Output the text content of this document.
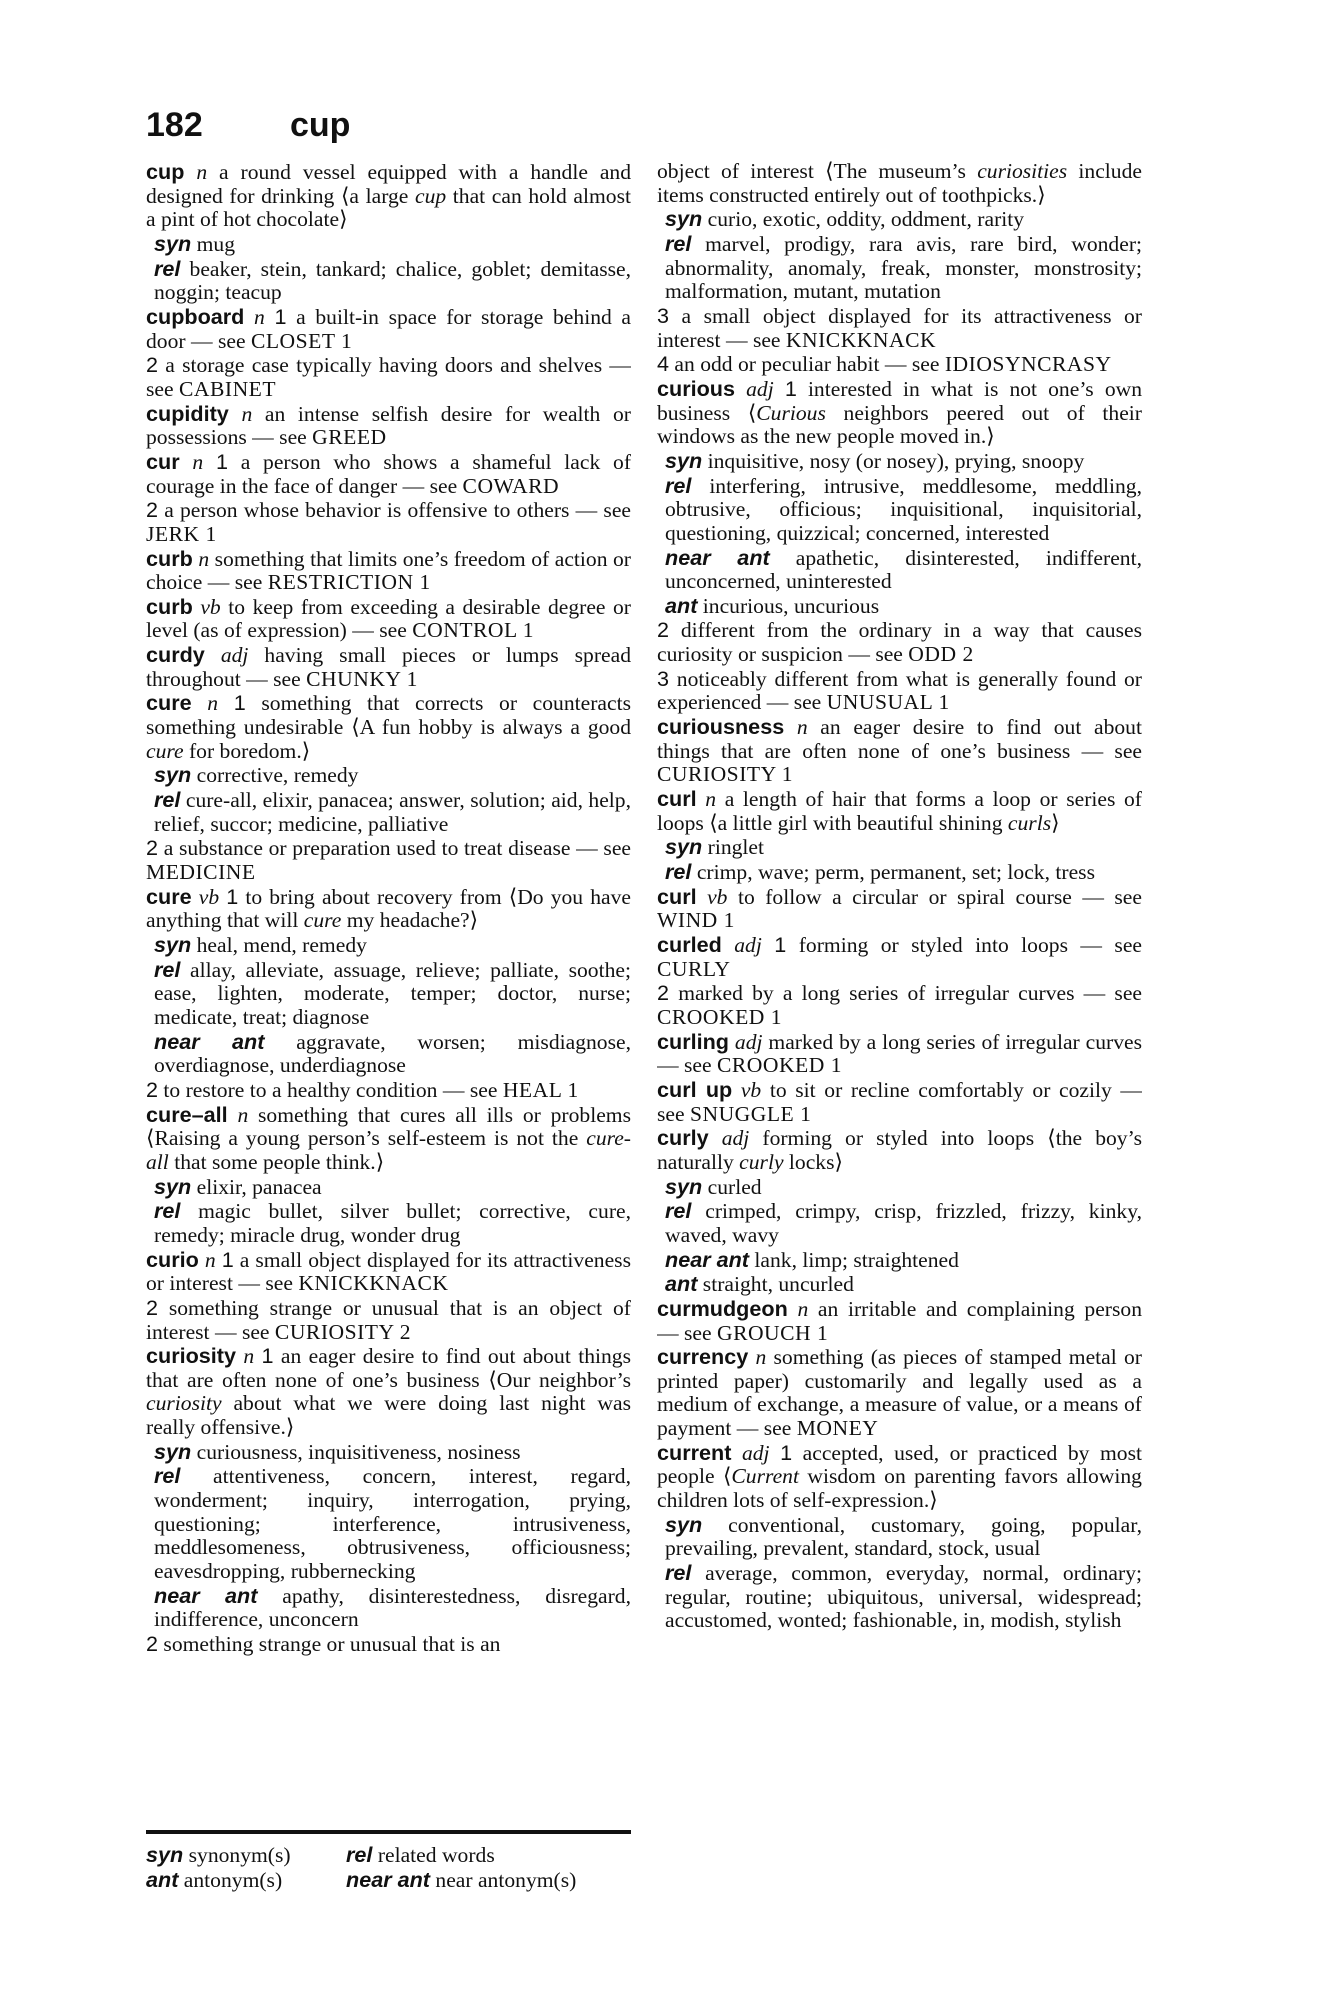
182	cup

cup n a round vessel equipped with a handle and designed for drinking ⟨a large cup that can hold almost a pint of hot chocolate⟩

syn mug

rel beaker, stein, tankard; chalice, goblet; demitasse, noggin; teacup

cupboard n 1 a built-in space for storage behind a door — see CLOSET 1

2 a storage case typically having doors and shelves — see CABINET

cupidity n an intense selfish desire for wealth or possessions — see GREED

cur n 1 a person who shows a shameful lack of courage in the face of danger — see COWARD

2 a person whose behavior is offensive to others — see JERK 1

curb n something that limits one’s freedom of action or choice — see RESTRICTION 1

curb vb to keep from exceeding a desirable degree or level (as of expression) — see CONTROL 1

curdy adj having small pieces or lumps spread throughout — see CHUNKY 1

cure n 1 something that corrects or counteracts something undesirable ⟨A fun hobby is always a good cure for boredom.⟩

syn corrective, remedy

rel cure-all, elixir, panacea; answer, solution; aid, help, relief, succor; medicine, palliative

2 a substance or preparation used to treat disease — see MEDICINE

cure vb 1 to bring about recovery from ⟨Do you have anything that will cure my headache?⟩

syn heal, mend, remedy

rel allay, alleviate, assuage, relieve; palliate, soothe; ease, lighten, moderate, temper; doctor, nurse; medicate, treat; diagnose

near ant aggravate, worsen; misdiagnose, overdiagnose, underdiagnose

2 to restore to a healthy condition — see HEAL 1

cure–all n something that cures all ills or problems ⟨Raising a young person’s self-esteem is not the cure-all that some people think.⟩

syn elixir, panacea

rel magic bullet, silver bullet; corrective, cure, remedy; miracle drug, wonder drug

curio n 1 a small object displayed for its attractiveness or interest — see KNICKKNACK

2 something strange or unusual that is an object of interest — see CURIOSITY 2

curiosity n 1 an eager desire to find out about things that are often none of one’s business ⟨Our neighbor’s curiosity about what we were doing last night was really offensive.⟩

syn curiousness, inquisitiveness, nosiness

rel attentiveness, concern, interest, regard, wonderment; inquiry, interrogation, prying, questioning; interference, intrusiveness, meddlesomeness, obtrusiveness, officiousness; eavesdropping, rubbernecking

near ant apathy, disinterestedness, disregard, indifference, unconcern

2 something strange or unusual that is an

object of interest ⟨The museum’s curiosities include items constructed entirely out of toothpicks.⟩

syn curio, exotic, oddity, oddment, rarity

rel marvel, prodigy, rara avis, rare bird, wonder; abnormality, anomaly, freak, monster, monstrosity; malformation, mutant, mutation

3 a small object displayed for its attractiveness or interest — see KNICKKNACK

4 an odd or peculiar habit — see IDIOSYNCRASY

curious adj 1 interested in what is not one’s own business ⟨Curious neighbors peered out of their windows as the new people moved in.⟩

syn inquisitive, nosy (or nosey), prying, snoopy

rel interfering, intrusive, meddlesome, meddling, obtrusive, officious; inquisitional, inquisitorial, questioning, quizzical; concerned, interested

near ant apathetic, disinterested, indifferent, unconcerned, uninterested

ant incurious, uncurious

2 different from the ordinary in a way that causes curiosity or suspicion — see ODD 2

3 noticeably different from what is generally found or experienced — see UNUSUAL 1

curiousness n an eager desire to find out about things that are often none of one’s business — see CURIOSITY 1

curl n a length of hair that forms a loop or series of loops ⟨a little girl with beautiful shining curls⟩

syn ringlet

rel crimp, wave; perm, permanent, set; lock, tress

curl vb to follow a circular or spiral course — see WIND 1

curled adj 1 forming or styled into loops — see CURLY

2 marked by a long series of irregular curves — see CROOKED 1

curling adj marked by a long series of irregular curves — see CROOKED 1

curl up vb to sit or recline comfortably or cozily — see SNUGGLE 1

curly adj forming or styled into loops ⟨the boy’s naturally curly locks⟩

syn curled

rel crimped, crimpy, crisp, frizzled, frizzy, kinky, waved, wavy

near ant lank, limp; straightened

ant straight, uncurled

curmudgeon n an irritable and complaining person — see GROUCH 1

currency n something (as pieces of stamped metal or printed paper) customarily and legally used as a medium of exchange, a measure of value, or a means of payment — see MONEY

current adj 1 accepted, used, or practiced by most people ⟨Current wisdom on parenting favors allowing children lots of self-expression.⟩

syn conventional, customary, going, popular, prevailing, prevalent, standard, stock, usual

rel average, common, everyday, normal, ordinary; regular, routine; ubiquitous, universal, widespread; accustomed, wonted; fashionable, in, modish, stylish

syn synonym(s)	rel related words
ant antonym(s)	near ant near antonym(s)
